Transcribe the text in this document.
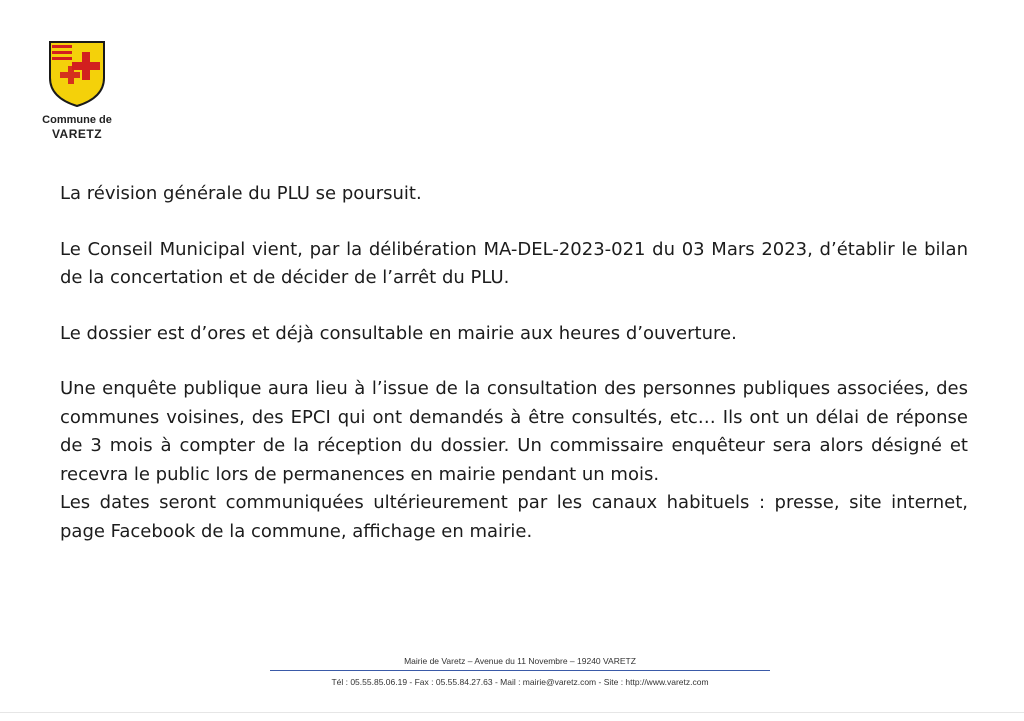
Commune de
VARETZ

La révision générale du PLU se poursuit.

Le Conseil Municipal vient, par la délibération MA-DEL-2023-021 du 03 Mars 2023, d’établir le bilan de la concertation et de décider de l’arrêt du PLU.

Le dossier est d’ores et déjà consultable en mairie aux heures d’ouverture.

Une enquête publique aura lieu à l’issue de la consultation des personnes publiques associées, des communes voisines, des EPCI qui ont demandés à être consultés, etc… Ils ont un délai de réponse de 3 mois à compter de la réception du dossier. Un commissaire enquêteur sera alors désigné et recevra le public lors de permanences en mairie pendant un mois.

Les dates seront communiquées ultérieurement par les canaux habituels : presse, site internet, page Facebook de la commune, affichage en mairie.

Mairie de Varetz – Avenue du 11 Novembre – 19240 VARETZ
Tél : 05.55.85.06.19 - Fax : 05.55.84.27.63 - Mail : mairie@varetz.com - Site : http://www.varetz.com
